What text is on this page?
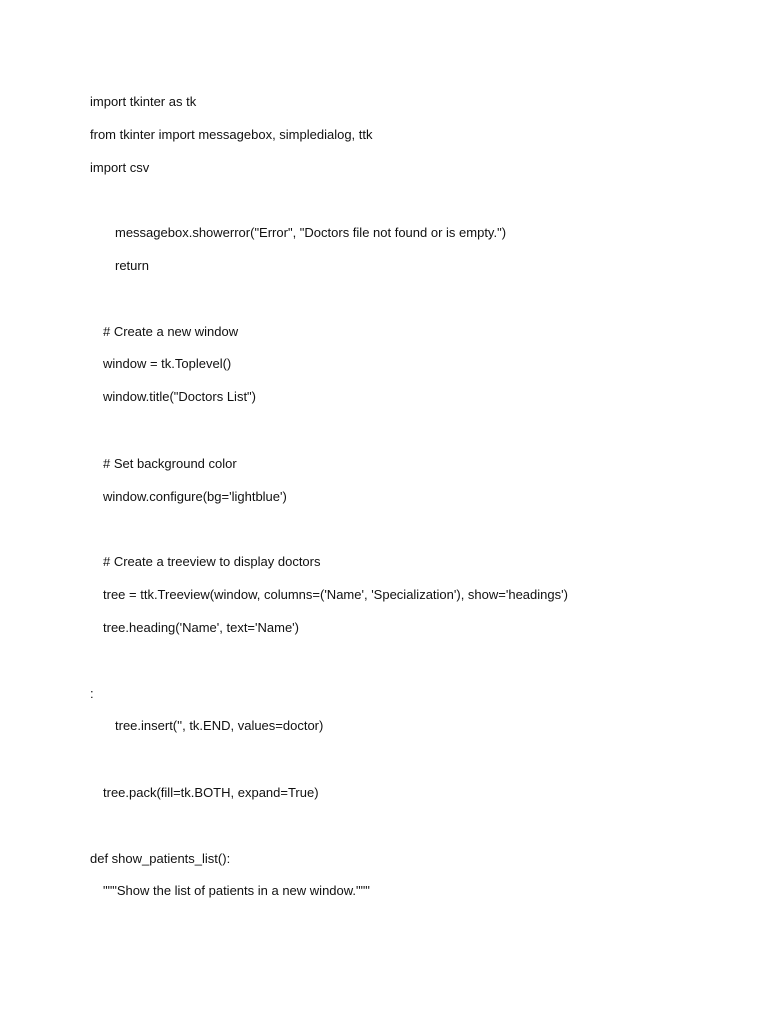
import tkinter as tk
from tkinter import messagebox, simpledialog, ttk
import csv
messagebox.showerror("Error", "Doctors file not found or is empty.")
return
# Create a new window
window = tk.Toplevel()
window.title("Doctors List")
# Set background color
window.configure(bg='lightblue')
# Create a treeview to display doctors
tree = ttk.Treeview(window, columns=('Name', 'Specialization'), show='headings')
tree.heading('Name', text='Name')
:
tree.insert('', tk.END, values=doctor)
tree.pack(fill=tk.BOTH, expand=True)
def show_patients_list():
"""Show the list of patients in a new window."""
